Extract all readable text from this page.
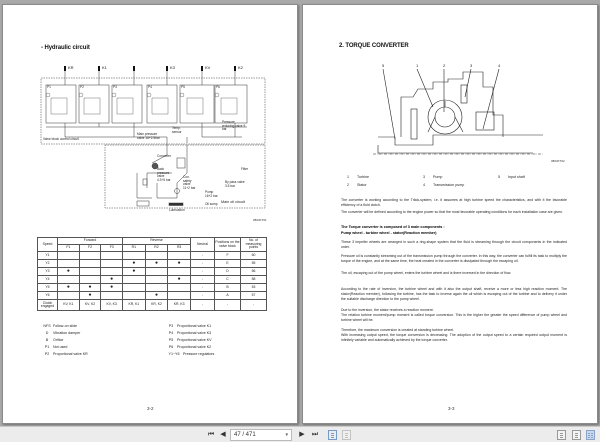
- Hydraulic circuit
KR	K1	K3	KV	K2
P1	P2	P3	P4	P5	P6
Valve block control circuit
Main oil circuit
Temp. sensor
Pressure reducing valve 9 bar
Main pressure valve 16+2.5bar
Converter
Back pressure valve 4.3+5 bar
Con. safety valve 11+2 bar
Filter
By pass valve 3.5 bar
Pump 16+2 bar
Oil sump
Lubrication
0803FT01
Speed	Forward			Reverse			Neutral	Positions on the valve block	No. of measuring points
	F1	F2	F3	R1	R2	R3			
Y1							-	F	60
Y2				●	●	●	-	E	55
Y3	●			●			-	D	56
Y4			●			●	-	C	58
Y5	●	●	●				-	B	53
Y6		●			●		-	A	57
Clutch engaged	KV, K1	KV, K2	KV, K3	KR, K1	KR, K2	KR, K3	-	-	-
NFS Follow-on slide
D	Vibration damper
B	Orifice
P1	Not used
P2	Proportional valve KR
P3	Proportional valve K1
P4	Proportional valve K3
P5	Proportional valve KV
P6	Proportional valve K2
Y1~Y6 Pressure regulators
3-2
2. TORQUE CONVERTER
5	1	2	3	4
0803FT02
1 Turbine
2 Stator
3 Pump
4 Transmission pump
5 Input shaft

The converter is working according to the Trilok-system, i.e. it assumes at high turbine speed the characteristics, and with it the favorable efficiency of a fluid clutch.

The converter will be defined according to the engine power so that the most favorable operating conditions for each installation case are given.

The Torque converter is composed of 3 main components :

Pump wheel - turbine wheel - stator(Reaction member)

These 3 impeller wheels are arranged in such a ring-shape system that the fluid is streaming through the circuit components in the indicated order.

Pressure oil is constantly streaming out of the transmission pump through the converter. In this way, the converter can fulfill its task to multiply the torque of the engine, and at the same time, the heat created in the converter is dissipated through the escaping oil.

The oil, escaping out of the pump wheel, enters the turbine wheel and is there inversed in the direction of flow.

According to the rate of inversion, the turbine wheel and with it also the output shaft, receive a more or less high reaction moment. The stator(Reaction member), following the turbine, has the task to inverse again the oil which is escaping out of the turbine and to delivery it under the suitable discharge direction to the pump wheel.

Due to the inversion, the stator receives a reaction moment.

The relation turbine moment/pump moment is called torque conversion. This is the higher the greater the speed difference of pump wheel and turbine wheel will be.

Therefore, the maximum conversion is created at standing turbine wheel.

With increasing output speed, the torque conversion is decreasing. The adoption of the output speed to a certain required output moment is infinitely variable and automatically achieved by the torque converter.

3-3
⏮ ◀	47 / 471	▾	▶	⏭
